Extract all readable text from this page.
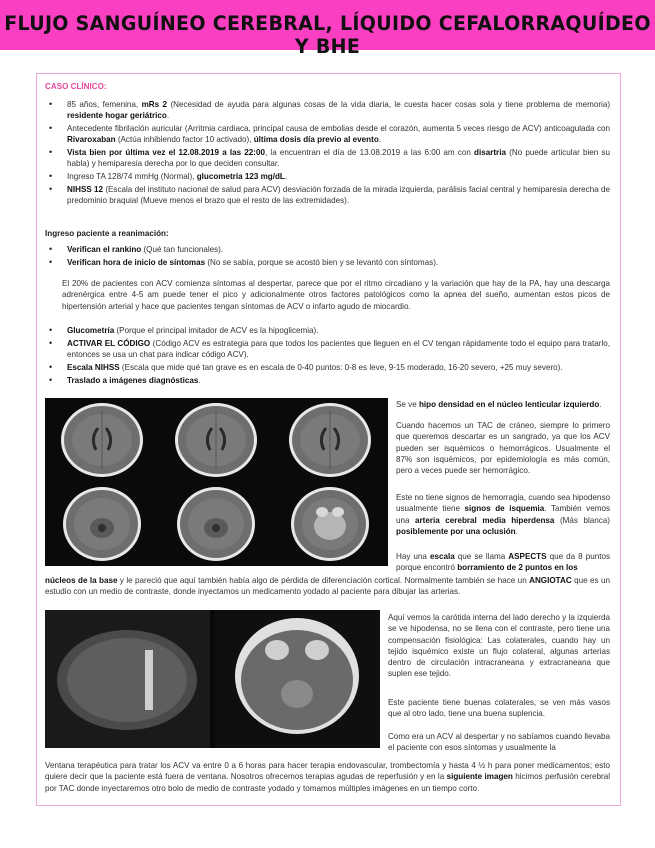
FLUJO SANGUÍNEO CEREBRAL, LÍQUIDO CEFALORRAQUÍDEO Y BHE
CASO CLÍNICO:
• 85 años, femenina, mRs 2 (Necesidad de ayuda para algunas cosas de la vida diaria, le cuesta hacer cosas sola y tiene problema de memoria) residente hogar geriátrico.
• Antecedente fibrilación auricular (Arritmia cardiaca, principal causa de embolias desde el corazón, aumenta 5 veces riesgo de ACV) anticoagulada con Rivaroxaban (Actúa inhibiendo factor 10 activado), última dosis día previo al evento.
• Vista bien por última vez el 12.08.2019 a las 22:00, la encuentran el día de 13.08.2019 a las 6:00 am con disartria (No puede articular bien su habla) y hemiparesia derecha por lo que deciden consultar.
• Ingreso TA 128/74 mmHg (Normal), glucometría 123 mg/dL.
• NIHSS 12 (Escala del instituto nacional de salud para ACV) desviación forzada de la mirada izquierda, parálisis facial central y hemiparesia derecha de predominio braquial (Mueve menos el brazo que el resto de las extremidades).
Ingreso paciente a reanimación:
• Verifican el rankino (Qué tan funcionales).
• Verifican hora de inicio de síntomas (No se sabía, porque se acostó bien y se levantó con síntomas).
El 20% de pacientes con ACV comienza síntomas al despertar, parece que por el ritmo circadiano y la variación que hay de la PA, hay una descarga adrenérgica entre 4-5 am puede tener el pico y adicionalmente otros factores patológicos como la apnea del sueño, aumentan estos picos de hipertensión arterial y hace que pacientes tengan síntomas de ACV o infarto agudo de miocardio.
• Glucometría (Porque el principal imitador de ACV es la hipoglicemia).
• ACTIVAR EL CÓDIGO (Código ACV es estrategia para que todos los pacientes que lleguen en el CV tengan rápidamente todo el equipo para tratarlo, entonces se usa un chat para indicar código ACV).
• Escala NIHSS (Escala que mide qué tan grave es en escala de 0-40 puntos: 0-8 es leve, 9-15 moderado, 16-20 severo, +25 muy severo).
• Traslado a imágenes diagnósticas.
Se ve hipo densidad en el núcleo lenticular izquierdo.
Cuando hacemos un TAC de cráneo, siempre lo primero que queremos descartar es un sangrado, ya que los ACV pueden ser isquémicos o hemorrágicos. Usualmente el 87% son isquémicos, por epidemiología es más común, pero a veces puede ser hemorrágico.
Este no tiene signos de hemorragia, cuando sea hipodenso usualmente tiene signos de isquemia. También vemos una arteria cerebral media hiperdensa (Más blanca) posiblemente por una oclusión.
Hay una escala que se llama ASPECTS que da 8 puntos porque encontró borramiento de 2 puntos en los
núcleos de la base y le pareció que aquí también había algo de pérdida de diferenciación cortical. Normalmente también se hace un ANGIOTAC que es un estudio con un medio de contraste, donde inyectamos un medicamento yodado al paciente para dibujar las arterias.
Aquí vemos la carótida interna del lado derecho y la izquierda se ve hipodensa, no se llena con el contraste, pero tiene una compensación fisiológica: Las colaterales, cuando hay un tejido isquémico existe un flujo colateral, algunas arterias dentro de circulación intracraneana y extracraneana que suplen ese tejido.
Este paciente tiene buenas colaterales, se ven más vasos que al otro lado, tiene una buena suplencia.
Como era un ACV al despertar y no sabíamos cuando llevaba el paciente con esos síntomas y usualmente la
Ventana terapéutica para tratar los ACV va entre 0 a 6 horas para hacer terapia endovascular, trombectomía y hasta 4 ½ h para poner medicamentos; esto quiere decir que la paciente está fuera de ventana. Nosotros ofrecemos terapias agudas de reperfusión y en la siguiente imagen hicimos perfusión cerebral por TAC donde inyectaremos otro bolo de medio de contraste yodado y tomamos múltiples imágenes en un tiempo corto.
